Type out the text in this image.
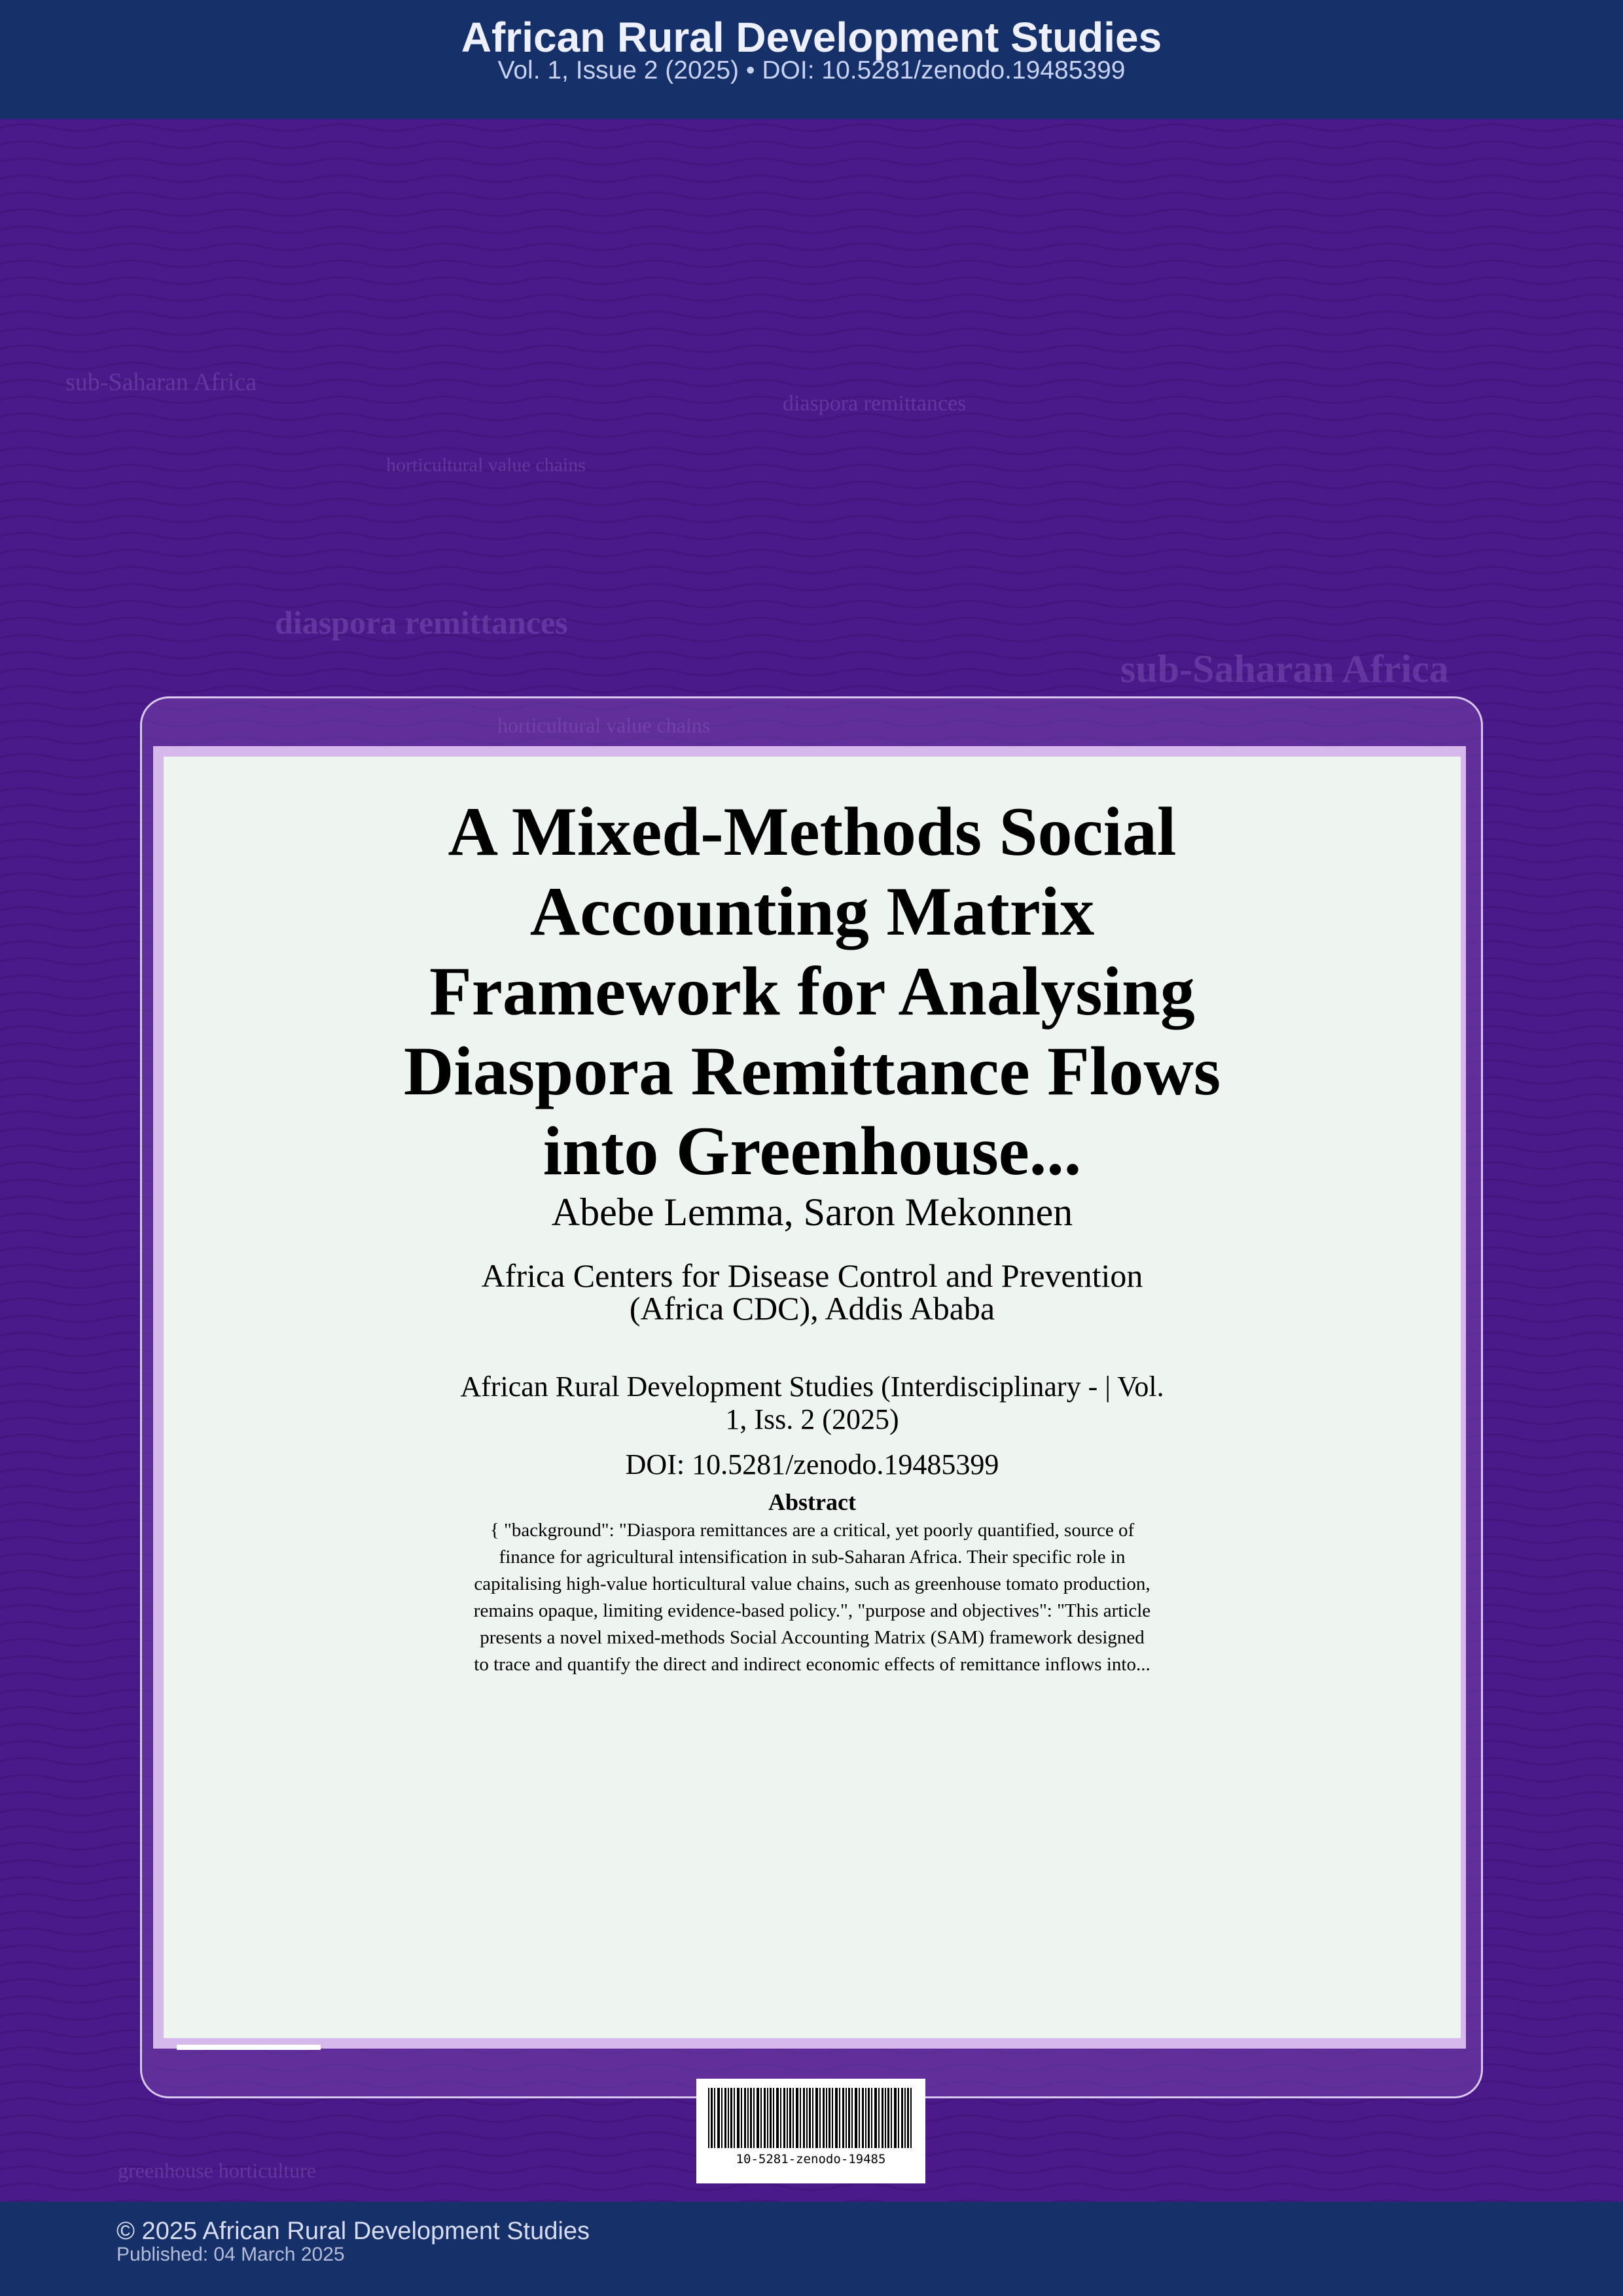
African Rural Development Studies
Vol. 1, Issue 2 (2025) • DOI: 10.5281/zenodo.19485399
sub-Saharan Africa
diaspora remittances
horticultural value chains
diaspora remittances
sub-Saharan Africa
horticultural value chains
greenhouse horticulture
A Mixed-Methods Social Accounting Matrix Framework for Analysing Diaspora Remittance Flows into Greenhouse...
Abebe Lemma, Saron Mekonnen
Africa Centers for Disease Control and Prevention (Africa CDC), Addis Ababa
African Rural Development Studies (Interdisciplinary - | Vol. 1, Iss. 2 (2025)
DOI: 10.5281/zenodo.19485399
Abstract
{ "background": "Diaspora remittances are a critical, yet poorly quantified, source of finance for agricultural intensification in sub-Saharan Africa. Their specific role in capitalising high-value horticultural value chains, such as greenhouse tomato production, remains opaque, limiting evidence-based policy.", "purpose and objectives": "This article presents a novel mixed-methods Social Accounting Matrix (SAM) framework designed to trace and quantify the direct and indirect economic effects of remittance inflows into...
10-5281-zenodo-19485
© 2025 African Rural Development Studies
Published: 04 March 2025
